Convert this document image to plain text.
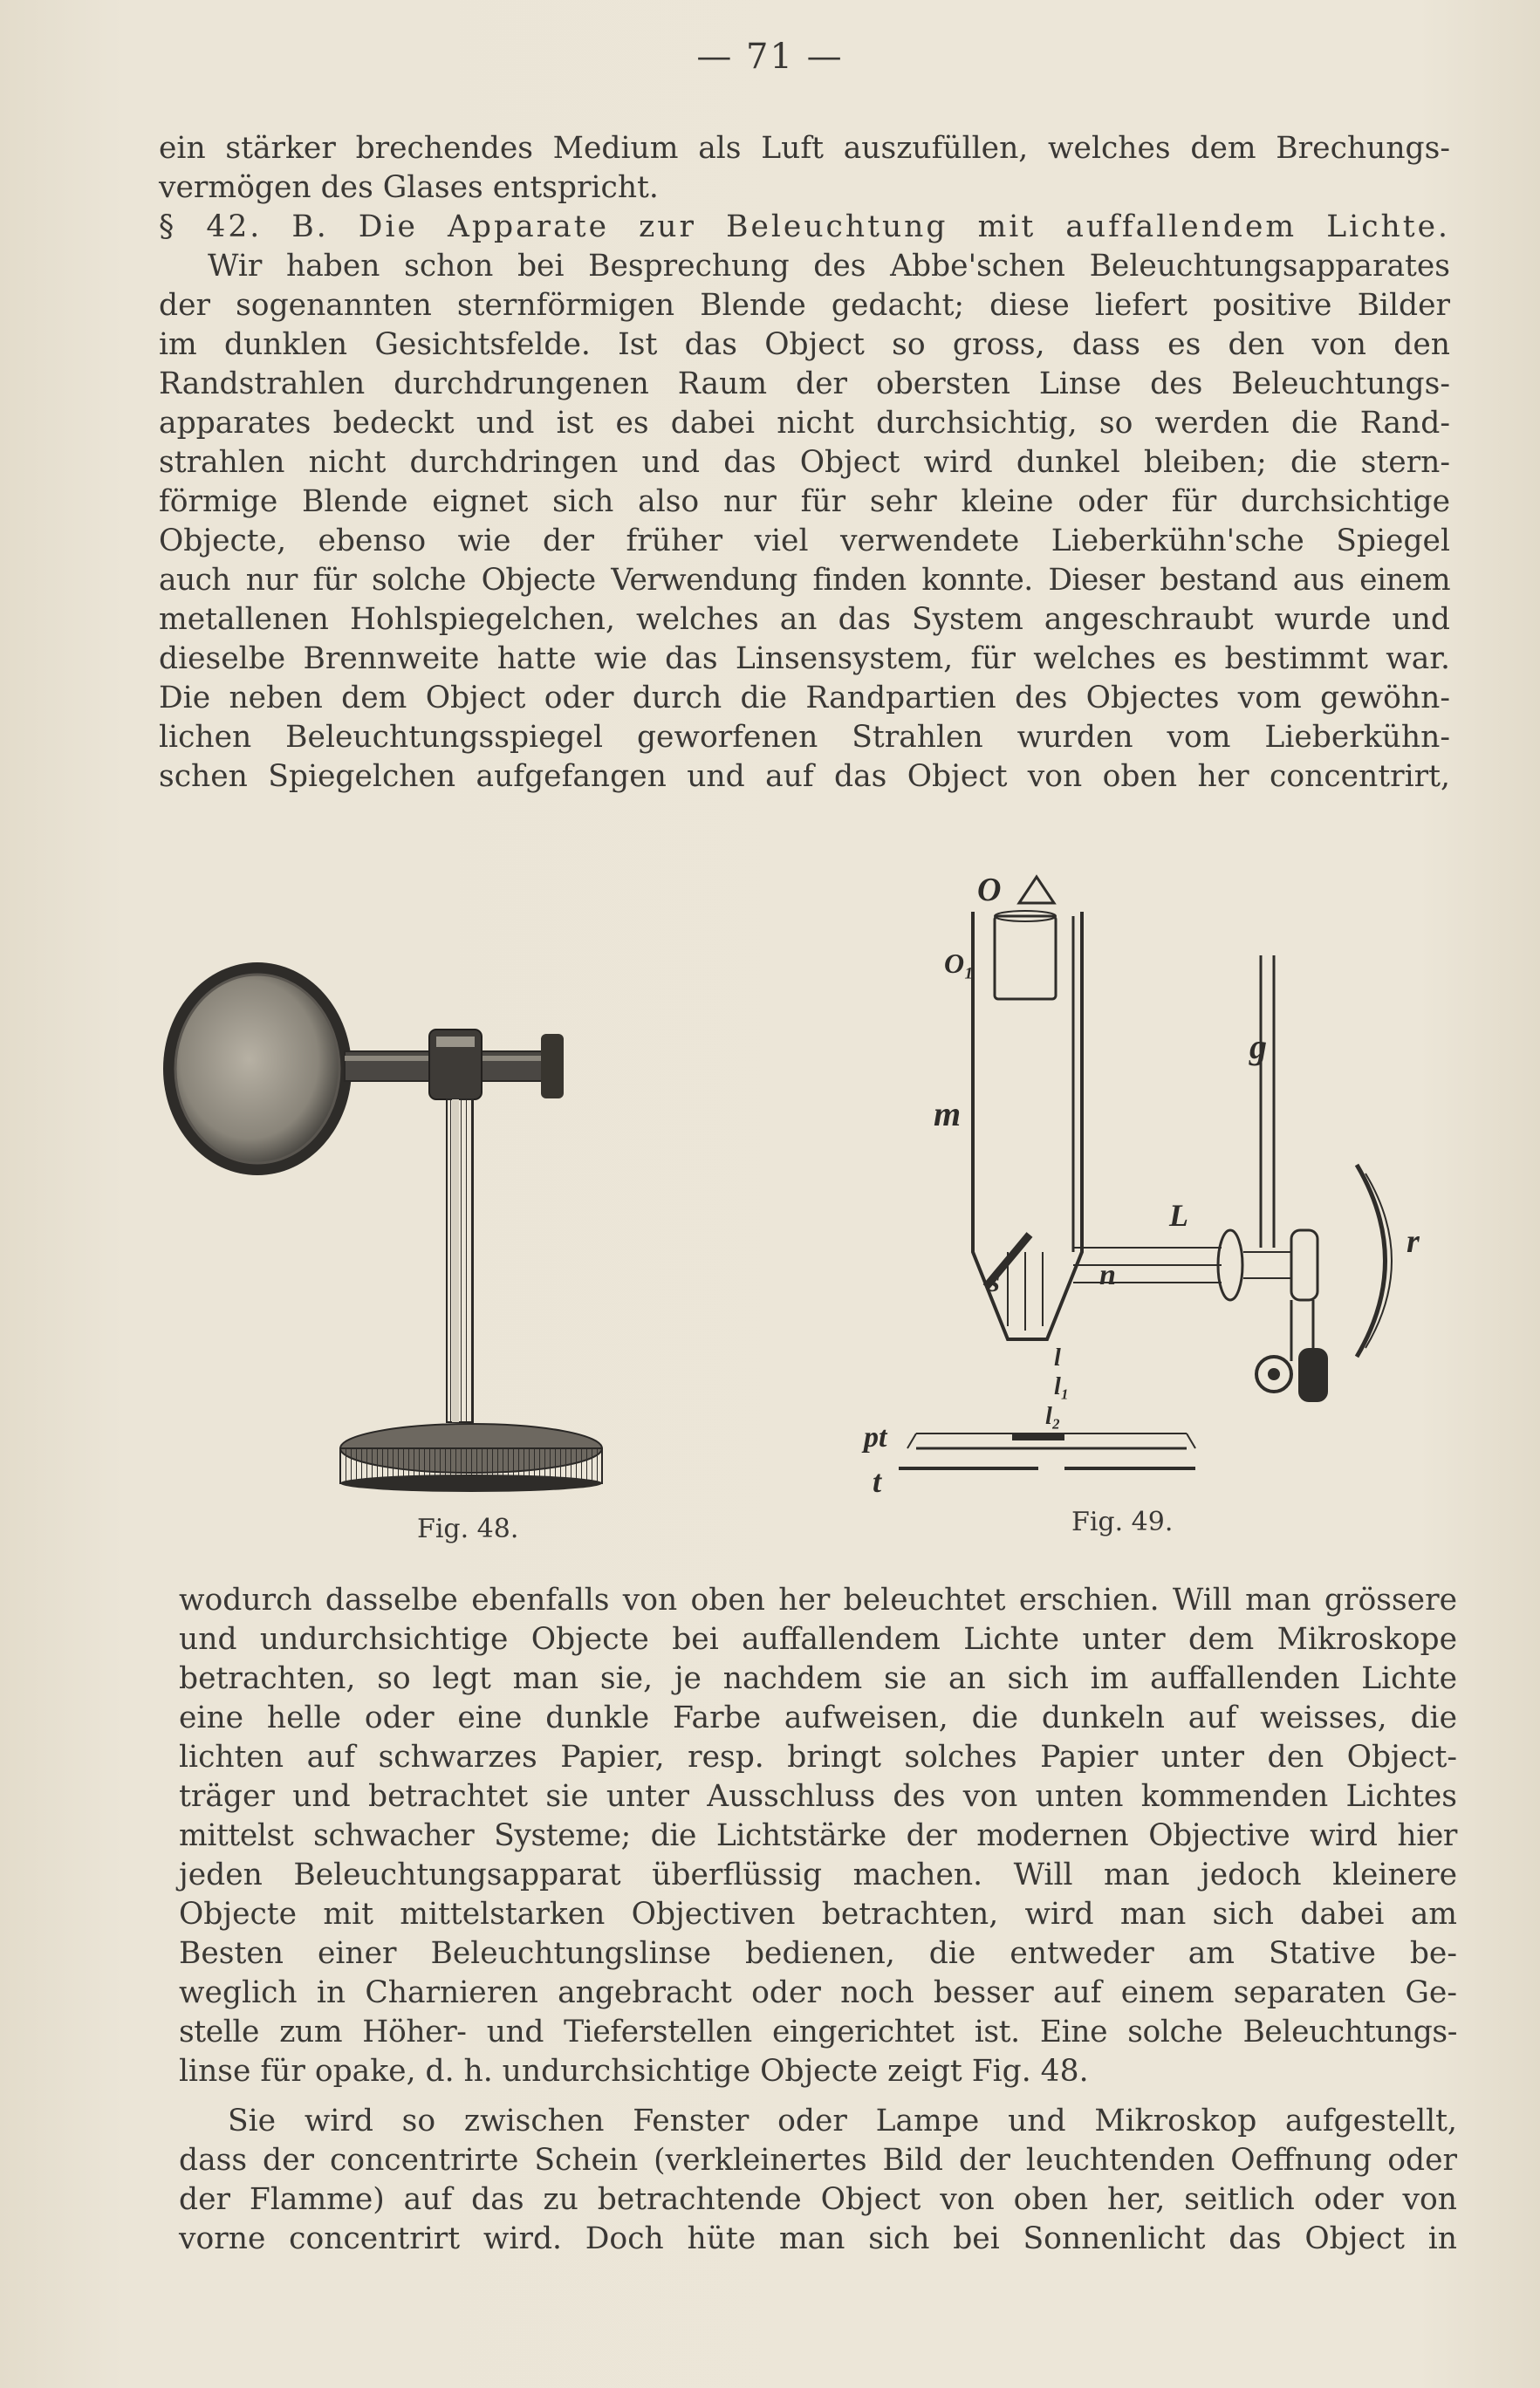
— 71 —
ein stärker brechendes Medium als Luft auszufüllen, welches dem Brechungs-
vermögen des Glases entspricht.
§ 42. B. Die Apparate zur Beleuchtung mit auffallendem Lichte.
Wir haben schon bei Besprechung des Abbe'schen Beleuchtungsapparates
der sogenannten sternförmigen Blende gedacht; diese liefert positive Bilder
im dunklen Gesichtsfelde. Ist das Object so gross, dass es den von den
Randstrahlen durchdrungenen Raum der obersten Linse des Beleuchtungs-
apparates bedeckt und ist es dabei nicht durchsichtig, so werden die Rand-
strahlen nicht durchdringen und das Object wird dunkel bleiben; die stern-
förmige Blende eignet sich also nur für sehr kleine oder für durchsichtige
Objecte, ebenso wie der früher viel verwendete Lieberkühn'sche Spiegel
auch nur für solche Objecte Verwendung finden konnte. Dieser bestand aus einem
metallenen Hohlspiegelchen, welches an das System angeschraubt wurde und
dieselbe Brennweite hatte wie das Linsensystem, für welches es bestimmt war.
Die neben dem Object oder durch die Randpartien des Objectes vom gewöhn-
lichen Beleuchtungsspiegel geworfenen Strahlen wurden vom Lieberkühn-
schen Spiegelchen aufgefangen und auf das Object von oben her concentrirt,
Fig. 48.
O
O₁
m
g
L
r
s	n
l
l₁
l₂
pt
t
Fig. 49.
wodurch dasselbe ebenfalls von oben her beleuchtet erschien. Will man grössere
und undurchsichtige Objecte bei auffallendem Lichte unter dem Mikroskope
betrachten, so legt man sie, je nachdem sie an sich im auffallenden Lichte
eine helle oder eine dunkle Farbe aufweisen, die dunkeln auf weisses, die
lichten auf schwarzes Papier, resp. bringt solches Papier unter den Object-
träger und betrachtet sie unter Ausschluss des von unten kommenden Lichtes
mittelst schwacher Systeme; die Lichtstärke der modernen Objective wird hier
jeden Beleuchtungsapparat überflüssig machen. Will man jedoch kleinere
Objecte mit mittelstarken Objectiven betrachten, wird man sich dabei am
Besten einer Beleuchtungslinse bedienen, die entweder am Stative be-
weglich in Charnieren angebracht oder noch besser auf einem separaten Ge-
stelle zum Höher- und Tieferstellen eingerichtet ist. Eine solche Beleuchtungs-
linse für opake, d. h. undurchsichtige Objecte zeigt Fig. 48.
Sie wird so zwischen Fenster oder Lampe und Mikroskop aufgestellt,
dass der concentrirte Schein (verkleinertes Bild der leuchtenden Oeffnung oder
der Flamme) auf das zu betrachtende Object von oben her, seitlich oder von
vorne concentrirt wird. Doch hüte man sich bei Sonnenlicht das Object in
